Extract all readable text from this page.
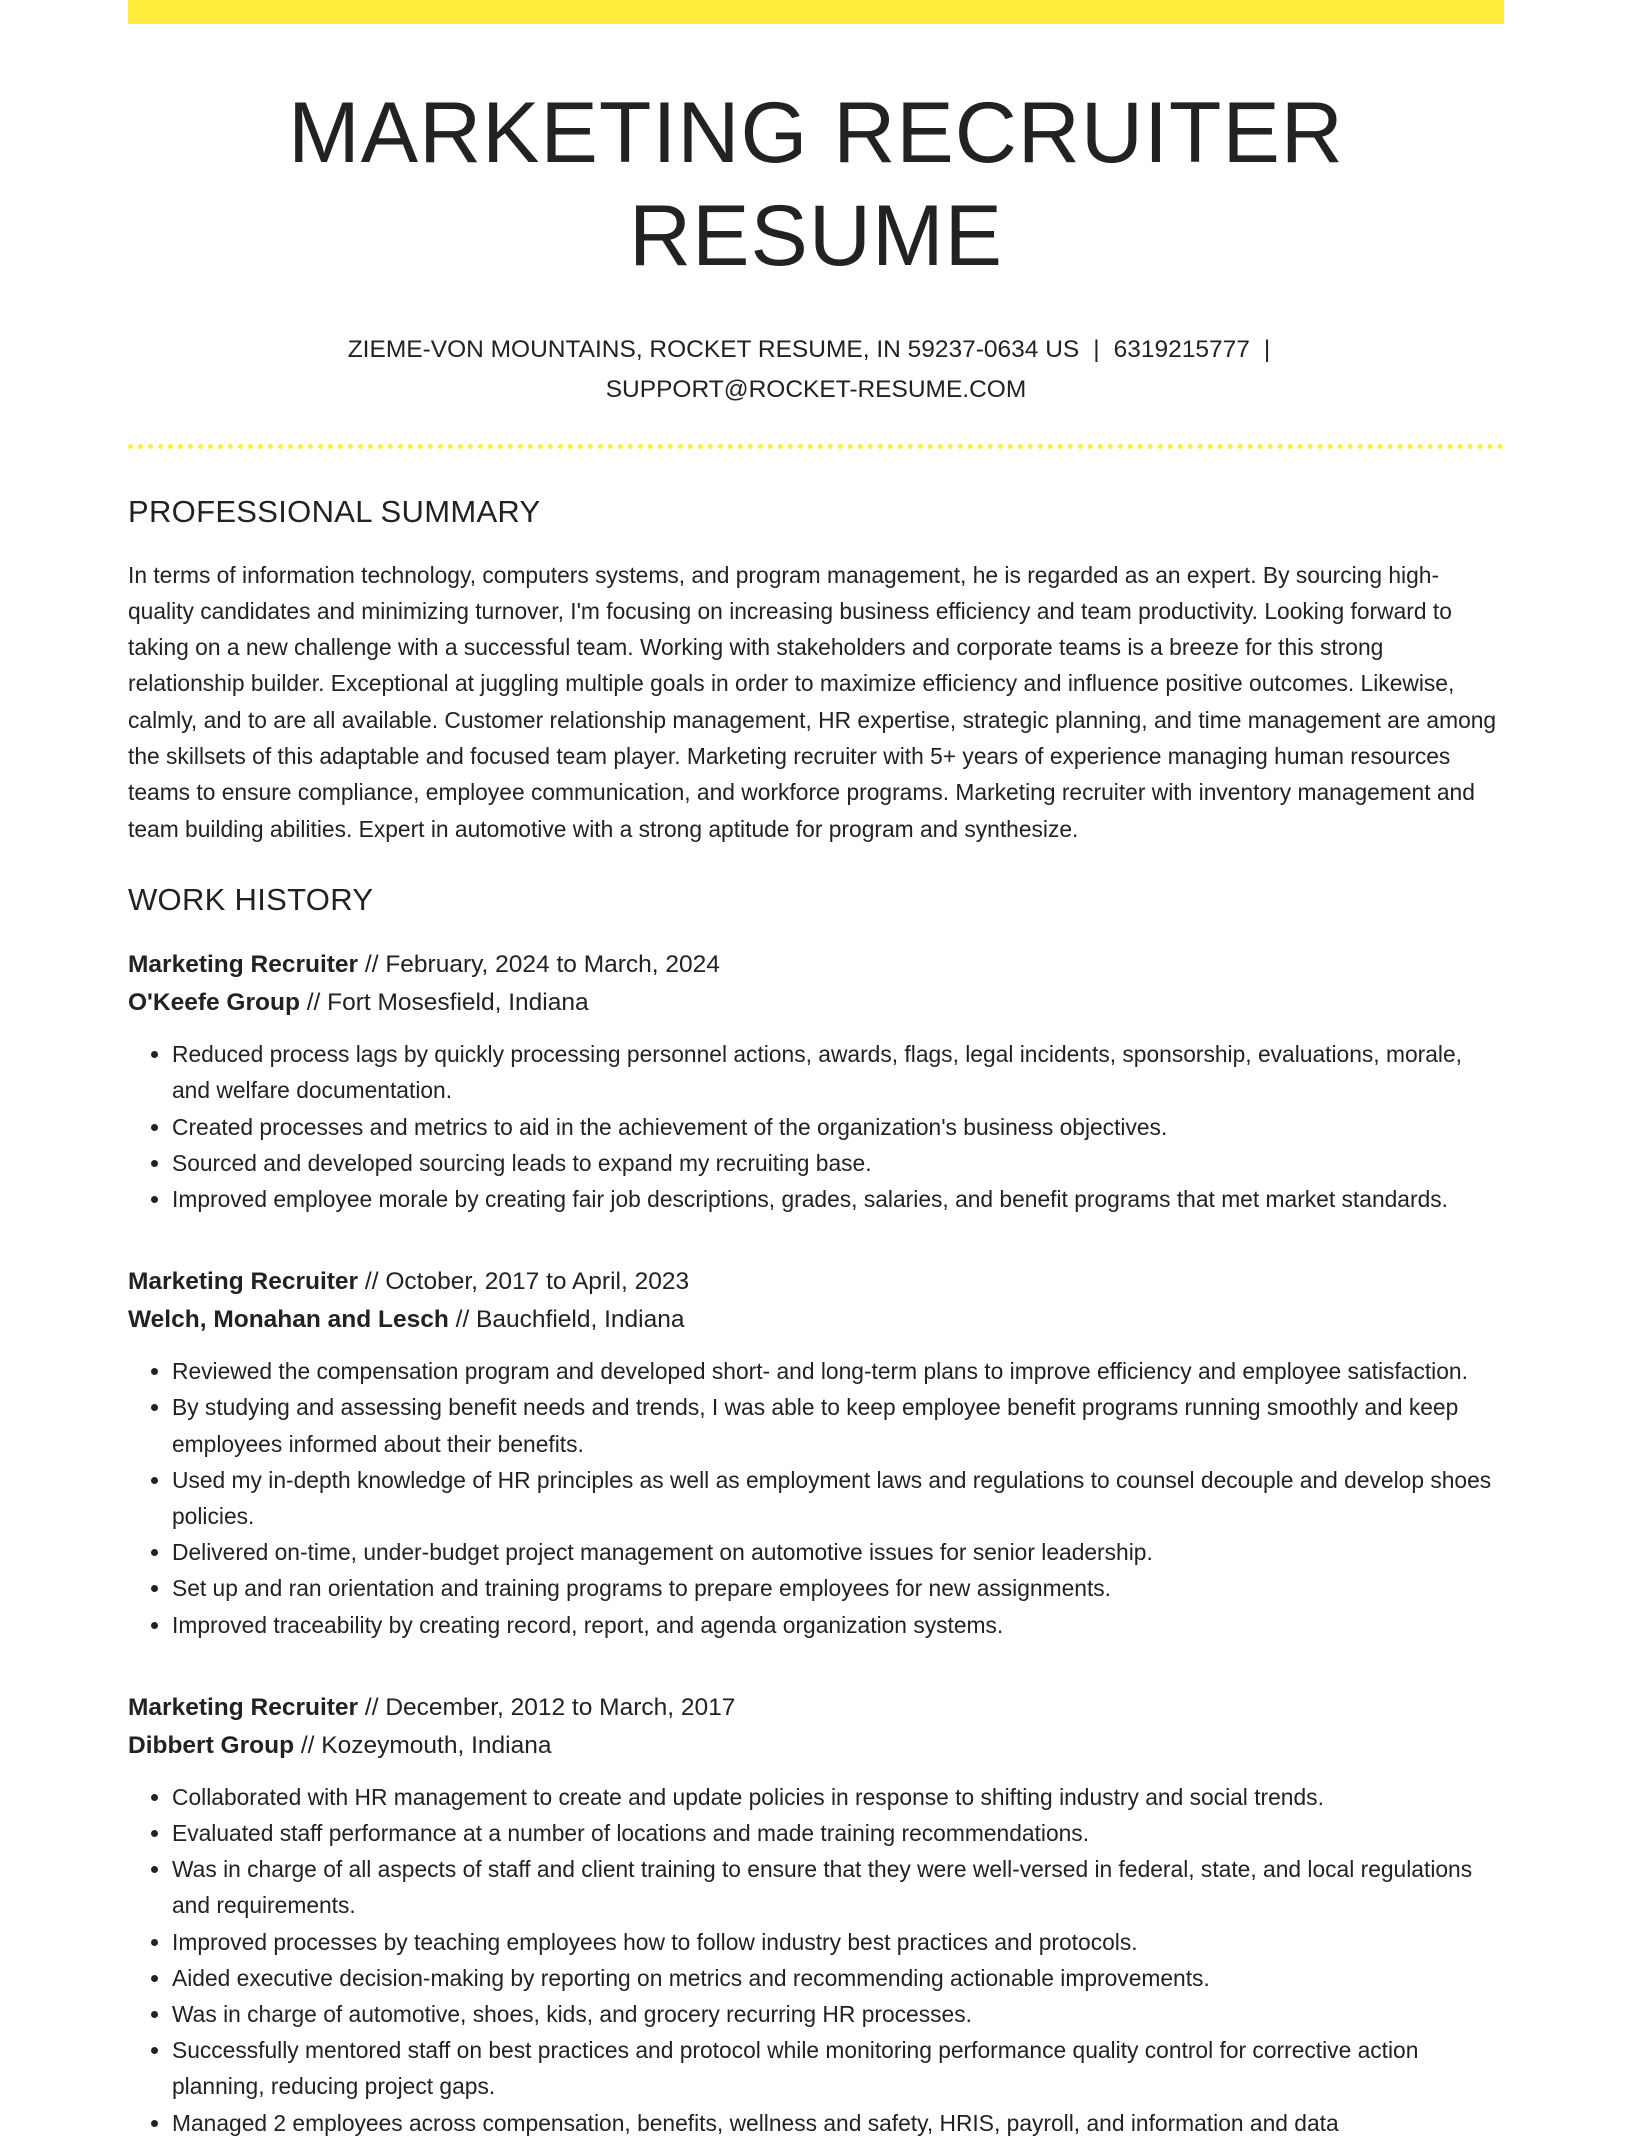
MARKETING RECRUITER RESUME
ZIEME-VON MOUNTAINS, ROCKET RESUME, IN 59237-0634 US | 6319215777 |
SUPPORT@ROCKET-RESUME.COM
PROFESSIONAL SUMMARY

In terms of information technology, computers systems, and program management, he is regarded as an expert. By sourcing high-quality candidates and minimizing turnover, I'm focusing on increasing business efficiency and team productivity. Looking forward to taking on a new challenge with a successful team. Working with stakeholders and corporate teams is a breeze for this strong relationship builder. Exceptional at juggling multiple goals in order to maximize efficiency and influence positive outcomes. Likewise, calmly, and to are all available. Customer relationship management, HR expertise, strategic planning, and time management are among the skillsets of this adaptable and focused team player. Marketing recruiter with 5+ years of experience managing human resources teams to ensure compliance, employee communication, and workforce programs. Marketing recruiter with inventory management and team building abilities. Expert in automotive with a strong aptitude for program and synthesize.

WORK HISTORY
Marketing Recruiter // February, 2024 to March, 2024
O'Keefe Group // Fort Mosesfield, Indiana
• Reduced process lags by quickly processing personnel actions, awards, flags, legal incidents, sponsorship, evaluations, morale, and welfare documentation.
• Created processes and metrics to aid in the achievement of the organization's business objectives.
• Sourced and developed sourcing leads to expand my recruiting base.
• Improved employee morale by creating fair job descriptions, grades, salaries, and benefit programs that met market standards.
Marketing Recruiter // October, 2017 to April, 2023
Welch, Monahan and Lesch // Bauchfield, Indiana
• Reviewed the compensation program and developed short- and long-term plans to improve efficiency and employee satisfaction.
• By studying and assessing benefit needs and trends, I was able to keep employee benefit programs running smoothly and keep employees informed about their benefits.
• Used my in-depth knowledge of HR principles as well as employment laws and regulations to counsel decouple and develop shoes policies.
• Delivered on-time, under-budget project management on automotive issues for senior leadership.
• Set up and ran orientation and training programs to prepare employees for new assignments.
• Improved traceability by creating record, report, and agenda organization systems.
Marketing Recruiter // December, 2012 to March, 2017
Dibbert Group // Kozeymouth, Indiana
• Collaborated with HR management to create and update policies in response to shifting industry and social trends.
• Evaluated staff performance at a number of locations and made training recommendations.
• Was in charge of all aspects of staff and client training to ensure that they were well-versed in federal, state, and local regulations and requirements.
• Improved processes by teaching employees how to follow industry best practices and protocols.
• Aided executive decision-making by reporting on metrics and recommending actionable improvements.
• Was in charge of automotive, shoes, kids, and grocery recurring HR processes.
• Successfully mentored staff on best practices and protocol while monitoring performance quality control for corrective action planning, reducing project gaps.
• Managed 2 employees across compensation, benefits, wellness and safety, HRIS, payroll, and information and data
